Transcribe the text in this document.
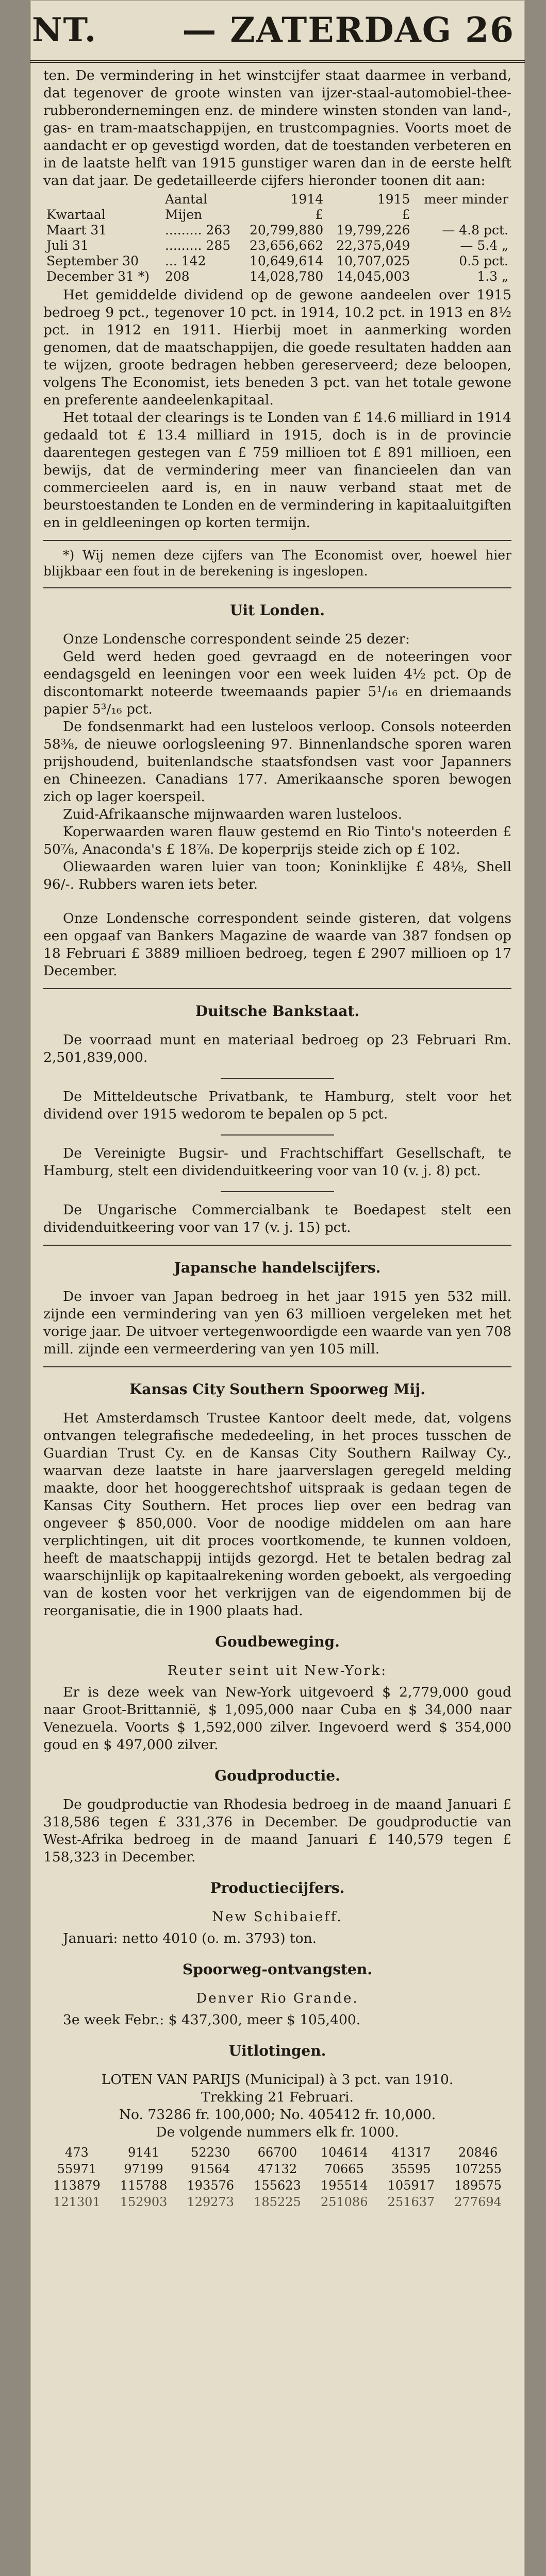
NT.	— ZATERDAG 26

ten. De vermindering in het winstcijfer staat daarmee in verband, dat tegenover de groote winsten van ijzer-staal-automobiel-thee-rubberondernemingen enz. de mindere winsten stonden van land-, gas- en tram-maatschappijen, en trustcompagnies. Voorts moet de aandacht er op gevestigd worden, dat de toestanden verbeteren en in de laatste helft van 1915 gunstiger waren dan in de eerste helft van dat jaar. De gedetailleerde cijfers hieronder toonen dit aan:

	Aantal	1914	1915	meer minder
Kwartaal	Mijen	£	£	
Maart 31	......... 263	20,799,880	19,799,226	— 4.8 pct.
Juli 31	......... 285	23,656,662	22,375,049	— 5.4 „
September 30	... 142	10,649,614	10,707,025	0.5 pct.
December 31 *)	208	14,028,780	14,045,003	1.3 „

Het gemiddelde dividend op de gewone aandeelen over 1915 bedroeg 9 pct., tegenover 10 pct. in 1914, 10.2 pct. in 1913 en 8½ pct. in 1912 en 1911. Hierbij moet in aanmerking worden genomen, dat de maatschappijen, die goede resultaten hadden aan te wijzen, groote bedragen hebben gereserveerd; deze beloopen, volgens The Economist, iets beneden 3 pct. van het totale gewone en preferente aandeelenkapitaal.

Het totaal der clearings is te Londen van £ 14.6 milliard in 1914 gedaald tot £ 13.4 milliard in 1915, doch is in de provincie daarentegen gestegen van £ 759 millioen tot £ 891 millioen, een bewijs, dat de vermindering meer van financieelen dan van commercieelen aard is, en in nauw verband staat met de beurstoestanden te Londen en de vermindering in kapitaaluitgiften en in geldleeningen op korten termijn.

*) Wij nemen deze cijfers van The Economist over, hoewel hier blijkbaar een fout in de berekening is ingeslopen.

Uit Londen.

Onze Londensche correspondent seinde 25 dezer:

Geld werd heden goed gevraagd en de noteeringen voor eendagsgeld en leeningen voor een week luiden 4½ pct. Op de discontomarkt noteerde tweemaands papier 5¹/₁₆ en driemaands papier 5³/₁₆ pct.

De fondsenmarkt had een lusteloos verloop. Consols noteerden 58⅜, de nieuwe oorlogsleening 97. Binnenlandsche sporen waren prijshoudend, buitenlandsche staatsfondsen vast voor Japanners en Chineezen. Canadians 177. Amerikaansche sporen bewogen zich op lager koerspeil.

Zuid-Afrikaansche mijnwaarden waren lusteloos.

Koperwaarden waren flauw gestemd en Rio Tinto's noteerden £ 50⅞, Anaconda's £ 18⅞. De koperprijs steide zich op £ 102.

Oliewaarden waren luier van toon; Koninklijke £ 48⅛, Shell 96/-. Rubbers waren iets beter.

Onze Londensche correspondent seinde gisteren, dat volgens een opgaaf van Bankers Magazine de waarde van 387 fondsen op 18 Februari £ 3889 millioen bedroeg, tegen £ 2907 millioen op 17 December.

Duitsche Bankstaat.

De voorraad munt en materiaal bedroeg op 23 Februari Rm. 2,501,839,000.

De Mitteldeutsche Privatbank, te Hamburg, stelt voor het dividend over 1915 wedorom te bepalen op 5 pct.

De Vereinigte Bugsir- und Frachtschiffart Gesellschaft, te Hamburg, stelt een dividenduitkeering voor van 10 (v. j. 8) pct.

De Ungarische Commercialbank te Boedapest stelt een dividenduitkeering voor van 17 (v. j. 15) pct.

Japansche handelscijfers.

De invoer van Japan bedroeg in het jaar 1915 yen 532 mill. zijnde een vermindering van yen 63 millioen vergeleken met het vorige jaar. De uitvoer vertegenwoordigde een waarde van yen 708 mill. zijnde een vermeerdering van yen 105 mill.

Kansas City Southern Spoorweg Mij.

Het Amsterdamsch Trustee Kantoor deelt mede, dat, volgens ontvangen telegrafische mededeeling, in het proces tusschen de Guardian Trust Cy. en de Kansas City Southern Railway Cy., waarvan deze laatste in hare jaarverslagen geregeld melding maakte, door het hooggerechtshof uitspraak is gedaan tegen de Kansas City Southern. Het proces liep over een bedrag van ongeveer $ 850,000. Voor de noodige middelen om aan hare verplichtingen, uit dit proces voortkomende, te kunnen voldoen, heeft de maatschappij intijds gezorgd. Het te betalen bedrag zal waarschijnlijk op kapitaalrekening worden geboekt, als vergoeding van de kosten voor het verkrijgen van de eigendommen bij de reorganisatie, die in 1900 plaats had.

Goudbeweging.
Reuter seint uit New-York:

Er is deze week van New-York uitgevoerd $ 2,779,000 goud naar Groot-Brittannië, $ 1,095,000 naar Cuba en $ 34,000 naar Venezuela. Voorts $ 1,592,000 zilver. Ingevoerd werd $ 354,000 goud en $ 497,000 zilver.

Goudproductie.

De goudproductie van Rhodesia bedroeg in de maand Januari £ 318,586 tegen £ 331,376 in December. De goudproductie van West-Afrika bedroeg in de maand Januari £ 140,579 tegen £ 158,323 in December.

Productiecijfers.
New Schibaieff.

Januari: netto 4010 (o. m. 3793) ton.

Spoorweg-ontvangsten.
Denver Rio Grande.

3e week Febr.: $ 437,300, meer $ 105,400.

Uitlotingen.
LOTEN VAN PARIJS (Municipal) à 3 pct. van 1910.
Trekking 21 Februari.
No. 73286 fr. 100,000; No. 405412 fr. 10,000.
De volgende nummers elk fr. 1000.
473	9141	52230	66700	104614	41317	20846
55971	97199	91564	47132	70665	35595	107255
113879	115788	193576	155623	195514	105917	189575
121301	152903	129273	185225	251086	251637	277694
